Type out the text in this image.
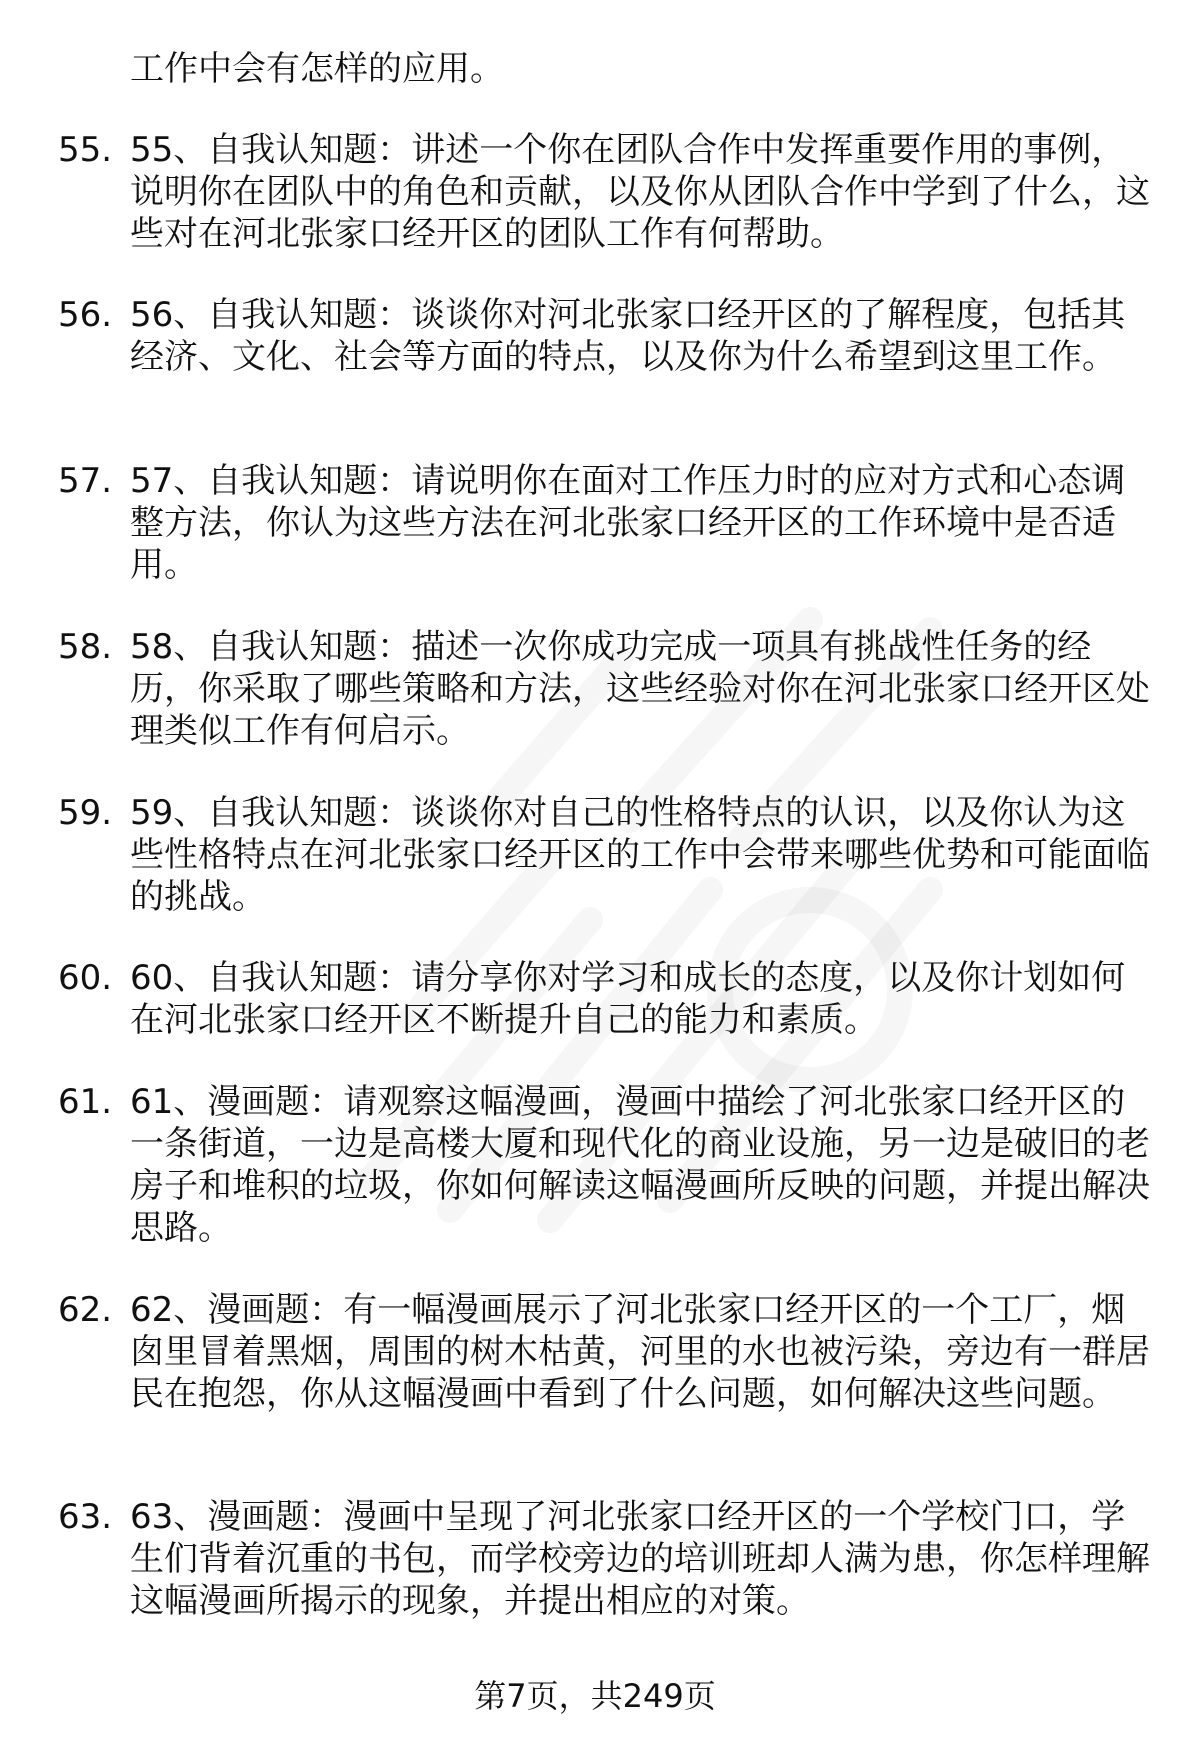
工作中会有怎样的应用。
55. 55、自我认知题：讲述一个你在团队合作中发挥重要作用的事例，说明你在团队中的角色和贡献，以及你从团队合作中学到了什么，这些对在河北张家口经开区的团队工作有何帮助。
56. 56、自我认知题：谈谈你对河北张家口经开区的了解程度，包括其经济、文化、社会等方面的特点，以及你为什么希望到这里工作。
57. 57、自我认知题：请说明你在面对工作压力时的应对方式和心态调整方法，你认为这些方法在河北张家口经开区的工作环境中是否适用。
58. 58、自我认知题：描述一次你成功完成一项具有挑战性任务的经历，你采取了哪些策略和方法，这些经验对你在河北张家口经开区处理类似工作有何启示。
59. 59、自我认知题：谈谈你对自己的性格特点的认识，以及你认为这些性格特点在河北张家口经开区的工作中会带来哪些优势和可能面临的挑战。
60. 60、自我认知题：请分享你对学习和成长的态度，以及你计划如何在河北张家口经开区不断提升自己的能力和素质。
61. 61、漫画题：请观察这幅漫画，漫画中描绘了河北张家口经开区的一条街道，一边是高楼大厦和现代化的商业设施，另一边是破旧的老房子和堆积的垃圾，你如何解读这幅漫画所反映的问题，并提出解决思路。
62. 62、漫画题：有一幅漫画展示了河北张家口经开区的一个工厂，烟囱里冒着黑烟，周围的树木枯黄，河里的水也被污染，旁边有一群居民在抱怨，你从这幅漫画中看到了什么问题，如何解决这些问题。
63. 63、漫画题：漫画中呈现了河北张家口经开区的一个学校门口，学生们背着沉重的书包，而学校旁边的培训班却人满为患，你怎样理解这幅漫画所揭示的现象，并提出相应的对策。
第7页，共249页
